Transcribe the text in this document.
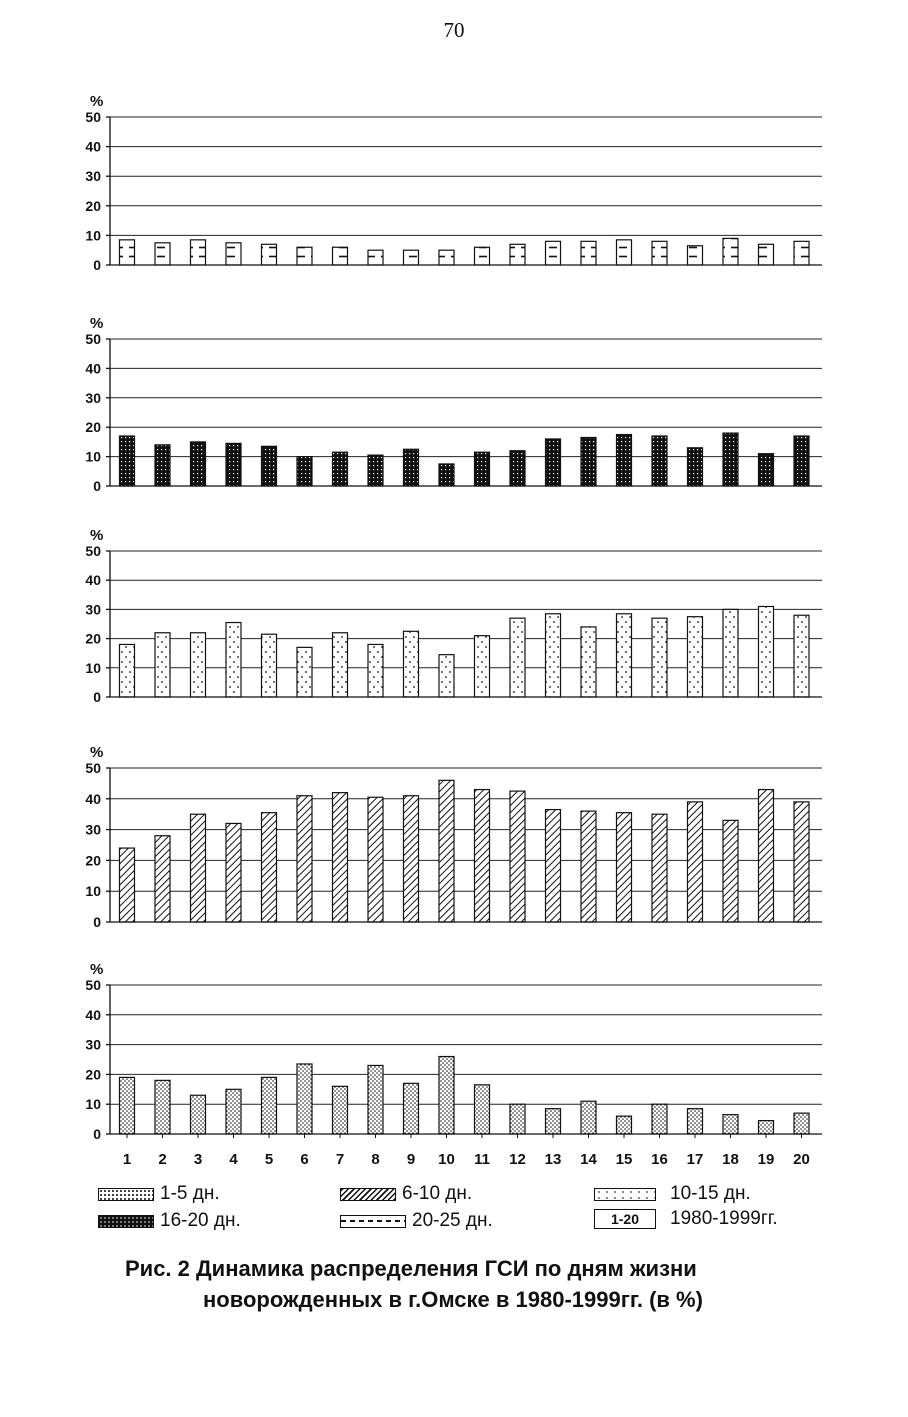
70
0
10
20
30
40
50
%
0
10
20
30
40
50
%
0
10
20
30
40
50
%
0
10
20
30
40
50
%
0
10
20
30
40
50
%
1 2 3 4 5 6 7 8 9 10 11 12 13 14 15 16 17 18 19 20
1-5 дн.	6-10 дн.	10-15 дн.
16-20 дн.	20-25 дн.	1-20	1980-1999гг.
Рис. 2 Динамика распределения ГСИ по дням жизни
новорожденных в г.Омске в 1980-1999гг. (в %)
